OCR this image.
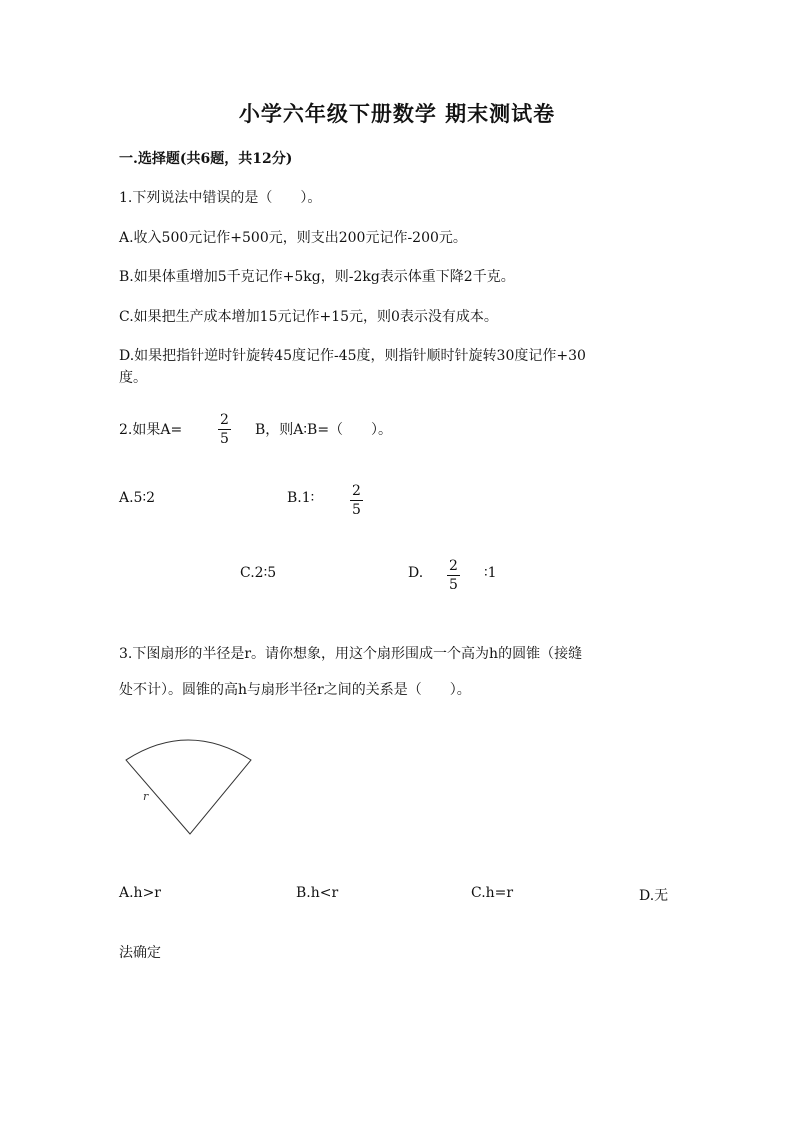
小学六年级下册数学 期末测试卷
一.选择题(共6题，共12分)
1.下列说法中错误的是（　　）。
A.收入500元记作+500元，则支出200元记作-200元。
B.如果体重增加5千克记作+5kg，则-2kg表示体重下降2千克。
C.如果把生产成本增加15元记作+15元，则0表示没有成本。
D.如果把指针逆时针旋转45度记作-45度，则指针顺时针旋转30度记作+30
度。
2.如果A=	$\frac{2}{5}$ B，则A∶B=（　　）。
A.5∶2	B.1∶	$\frac{2}{5}$
C.2∶5	D. $\frac{2}{5}$ ∶1
3.下图扇形的半径是r。请你想象，用这个扇形围成一个高为h的圆锥（接缝
处不计）。圆锥的高h与扇形半径r之间的关系是（　　）。
r
A.h>r	B.h<r	C.h=r	D.无
法确定
